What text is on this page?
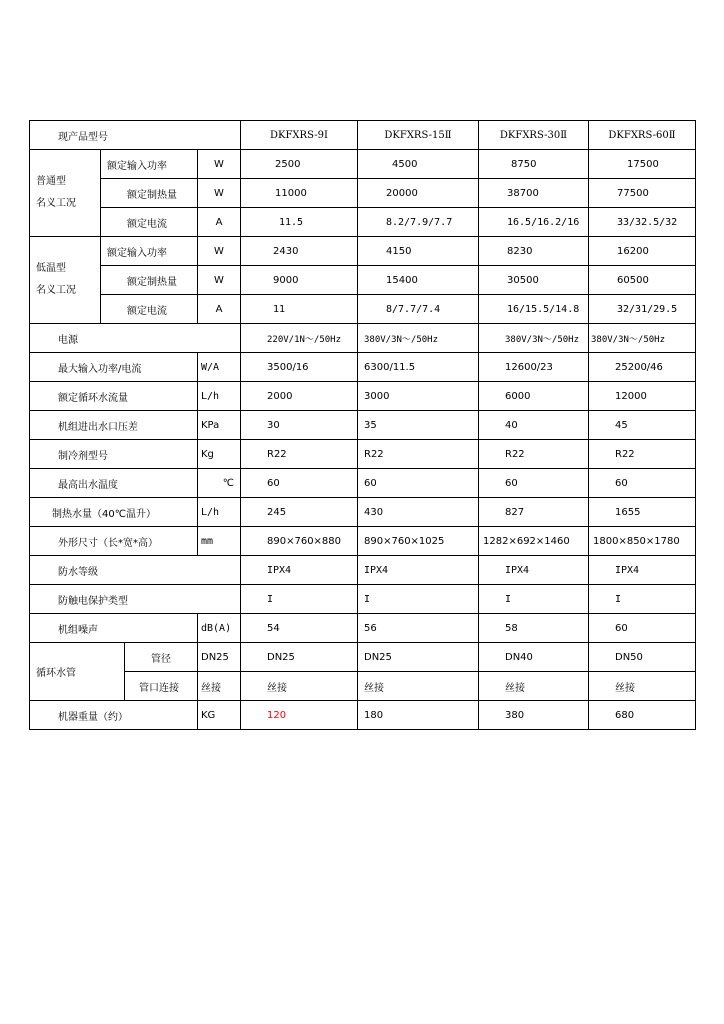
现产品型号				DKFXRS-9Ⅰ	DKFXRS-15Ⅱ	DKFXRS-30Ⅱ	DKFXRS-60Ⅱ

普通型
名义工况	额定输入功率		W	2500	4500	8750	17500
	额定制热量		W	11000	20000	38700	77500
	额定电流		A	11.5	8.2/7.9/7.7	16.5/16.2/16	33/32.5/32

低温型
名义工况	额定输入功率		W	2430	4150	8230	16200
	额定制热量		W	9000	15400	30500	60500
	额定电流		A	11	8/7.7/7.4	16/15.5/14.8	32/31/29.5
电源				220V/1N～/50Hz	380V/3N～/50Hz	380V/3N～/50Hz	380V/3N～/50Hz
最大输入功率/电流			W/A	3500/16	6300/11.5	12600/23	25200/46
额定循环水流量			L/h	2000	3000	6000	12000
机组进出水口压差			KPa	30	35	40	45
制冷剂型号			Kg	R22	R22	R22	R22
最高出水温度			℃	60	60	60	60
制热水量（40℃温升）			L/h	245	430	827	1655
外形尺寸（长*宽*高）			mm	890×760×880	890×760×1025	1282×692×1460	1800×850×1780
防水等级				IPX4	IPX4	IPX4	IPX4
防触电保护类型				I	I	I	I
机组噪声			dB(A)	54	56	58	60
循环水管		管径	DN25	DN25	DN25	DN40	DN50
		管口连接	丝接	丝接	丝接	丝接	丝接
机器重量（约）			KG	120	180	380	680
